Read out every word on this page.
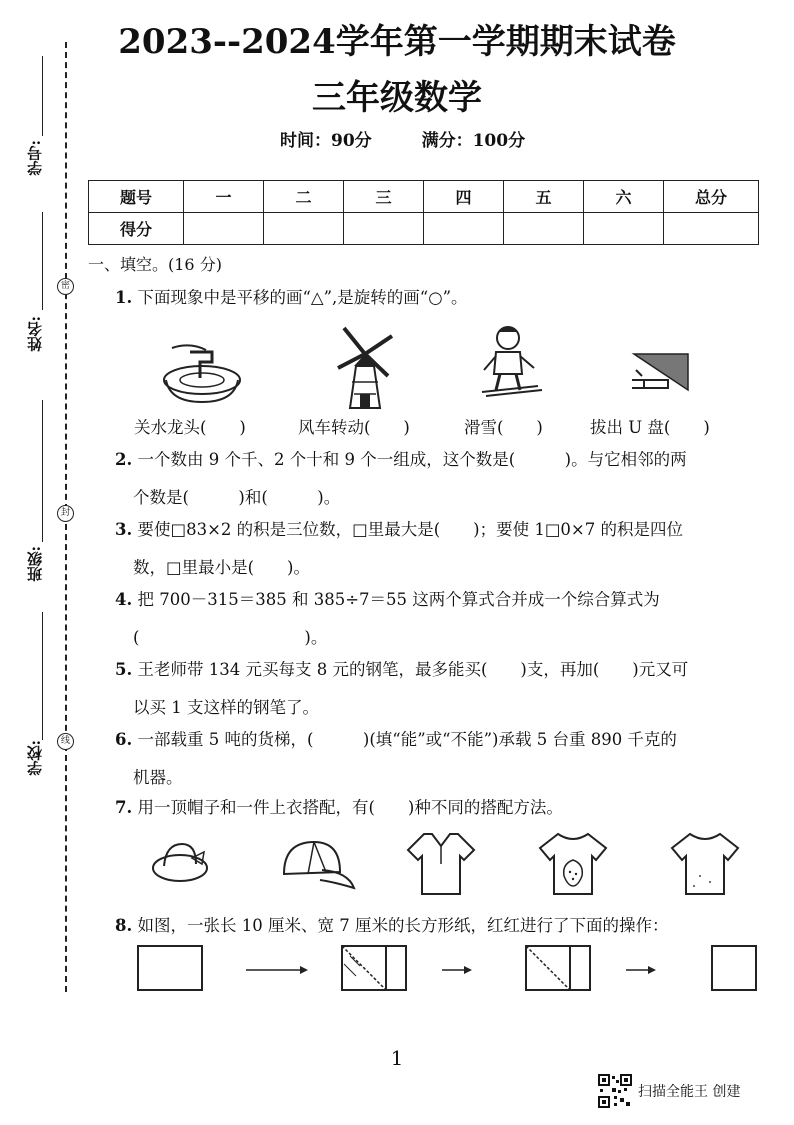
2023--2024学年第一学期期末试卷
三年级数学
时间：90分	满分：100分
学号:
姓名:
班级:
学校:
密
封
线
题号	一	二	三	四	五	六	总分
得分							
一、填空。(16 分)
1. 下面现象中是平移的画“△”,是旋转的画“○”。
关水龙头(　　)	风车转动(　　)	滑雪(　　)	拔出 U 盘(　　)
2. 一个数由 9 个千、2 个十和 9 个一组成，这个数是(　　　)。与它相邻的两
个数是(　　　)和(　　　)。
3. 要使□83×2 的积是三位数，□里最大是(　　)；要使 1□0×7 的积是四位
数，□里最小是(　　)。
4. 把 700－315＝385 和 385÷7＝55 这两个算式合并成一个综合算式为
(　　　　　　　　　　)。
5. 王老师带 134 元买每支 8 元的钢笔，最多能买(　　)支，再加(　　)元又可
以买 1 支这样的钢笔了。
6. 一部载重 5 吨的货梯，(　　　)(填“能”或“不能”)承载 5 台重 890 千克的
机器。
7. 用一顶帽子和一件上衣搭配，有(　　)种不同的搭配方法。
8. 如图，一张长 10 厘米、宽 7 厘米的长方形纸，红红进行了下面的操作：
1
扫描全能王 创建
